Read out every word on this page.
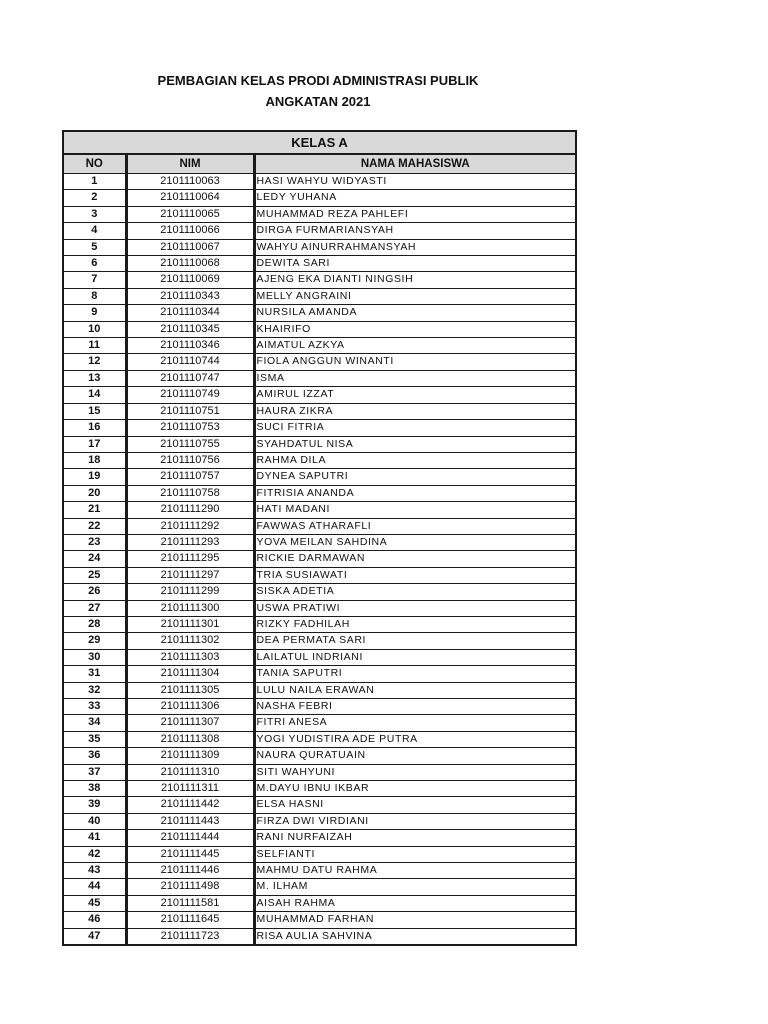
PEMBAGIAN KELAS PRODI ADMINISTRASI PUBLIK
ANGKATAN 2021
KELAS A		
NO	NIM	NAMA MAHASISWA
1	2101110063	HASI WAHYU WIDYASTI
2	2101110064	LEDY YUHANA
3	2101110065	MUHAMMAD REZA PAHLEFI
4	2101110066	DIRGA FURMARIANSYAH
5	2101110067	WAHYU AINURRAHMANSYAH
6	2101110068	DEWITA SARI
7	2101110069	AJENG EKA DIANTI NINGSIH
8	2101110343	MELLY ANGRAINI
9	2101110344	NURSILA AMANDA
10	2101110345	KHAIRIFO
11	2101110346	AIMATUL AZKYA
12	2101110744	FIOLA ANGGUN WINANTI
13	2101110747	ISMA
14	2101110749	AMIRUL IZZAT
15	2101110751	HAURA ZIKRA
16	2101110753	SUCI FITRIA
17	2101110755	SYAHDATUL NISA
18	2101110756	RAHMA DILA
19	2101110757	DYNEA SAPUTRI
20	2101110758	FITRISIA ANANDA
21	2101111290	HATI MADANI
22	2101111292	FAWWAS ATHARAFLI
23	2101111293	YOVA MEILAN SAHDINA
24	2101111295	RICKIE DARMAWAN
25	2101111297	TRIA SUSIAWATI
26	2101111299	SISKA ADETIA
27	2101111300	USWA PRATIWI
28	2101111301	RIZKY FADHILAH
29	2101111302	DEA PERMATA SARI
30	2101111303	LAILATUL INDRIANI
31	2101111304	TANIA SAPUTRI
32	2101111305	LULU NAILA ERAWAN
33	2101111306	NASHA FEBRI
34	2101111307	FITRI ANESA
35	2101111308	YOGI YUDISTIRA ADE PUTRA
36	2101111309	NAURA QURATUAIN
37	2101111310	SITI WAHYUNI
38	2101111311	M.DAYU IBNU IKBAR
39	2101111442	ELSA HASNI
40	2101111443	FIRZA DWI VIRDIANI
41	2101111444	RANI NURFAIZAH
42	2101111445	SELFIANTI
43	2101111446	MAHMU DATU RAHMA
44	2101111498	M. ILHAM
45	2101111581	AISAH RAHMA
46	2101111645	MUHAMMAD FARHAN
47	2101111723	RISA AULIA SAHVINA
